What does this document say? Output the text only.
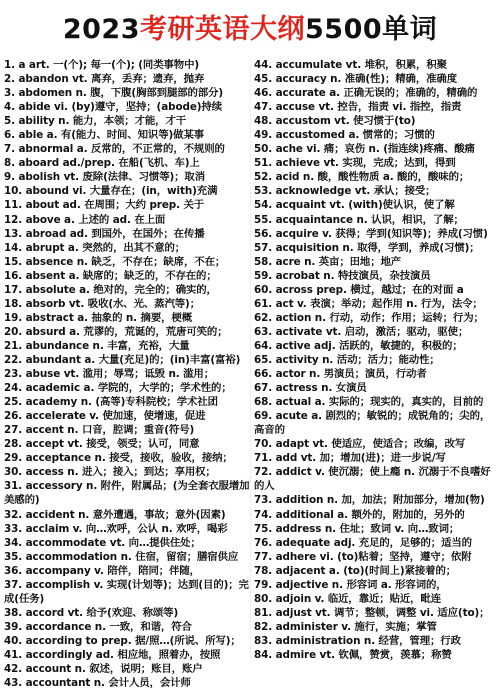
2023考研英语大纲5500单词
1. a art. 一(个); 每一(个); (同类事物中)
2. abandon vt. 离弃，丢弃；遗弃，抛弃
3. abdomen n. 腹，下腹(胸部到腿部的部分)
4. abide vi. (by)遵守，坚持；(abode)持续
5. ability n. 能力，本领；才能，才干
6. able a. 有(能力、时间、知识等)做某事
7. abnormal a. 反常的，不正常的，不规则的
8. aboard ad./prep. 在船(飞机、车)上
9. abolish vt. 废除(法律、习惯等)；取消
10. abound vi. 大量存在；(in，with)充满
11. about ad. 在周围；大约 prep. 关于
12. above a. 上述的 ad. 在上面
13. abroad ad. 到国外，在国外；在传播
14. abrupt a. 突然的，出其不意的；
15. absence n. 缺乏，不存在；缺席，不在；
16. absent a. 缺席的；缺乏的，不存在的；
17. absolute a. 绝对的，完全的；确实的，
18. absorb vt. 吸收(水、光、蒸汽等)；
19. abstract a. 抽象的 n. 摘要，梗概
20. absurd a. 荒谬的，荒诞的，荒唐可笑的；
21. abundance n. 丰富，充裕，大量
22. abundant a. 大量(充足)的；(in)丰富(富裕)
23. abuse vt. 滥用；辱骂；诋毁 n. 滥用；
24. academic a. 学院的，大学的；学术性的；
25. academy n. (高等)专科院校；学术社团
26. accelerate v. 使加速，使增速，促进
27. accent n. 口音，腔调；重音(符号)
28. accept vt. 接受，领受；认可，同意
29. acceptance n. 接受，接收，验收，接纳；
30. access n. 进入；接入；到达；享用权；
31. accessory n. 附件，附属品；(为全套衣服增加美感的)
32. accident n. 意外遭遇，事故；意外(因素)
33. acclaim v. 向…欢呼，公认 n. 欢呼，喝彩
34. accommodate vt. 向…提供住处；
35. accommodation n. 住宿，留宿；膳宿供应
36. accompany v. 陪伴，陪同；伴随，
37. accomplish v. 实现(计划等)；达到(目的)；完成(任务)
38. accord vt. 给予(欢迎、称颂等)
39. accordance n. 一致，和谐，符合
40. according to prep. 据/照…(所说、所写)；
41. accordingly ad. 相应地，照着办，按照
42. account n. 叙述，说明；账目，账户
43. accountant n. 会计人员，会计师
44. accumulate vt. 堆积，积累，积聚
45. accuracy n. 准确(性)；精确，准确度
46. accurate a. 正确无误的；准确的，精确的
47. accuse vt. 控告，指责 vi. 指控，指责
48. accustom vt. 使习惯于(to)
49. accustomed a. 惯常的；习惯的
50. ache vi. 痛；哀伤 n. (指连续)疼痛、酸痛
51. achieve vt. 实现，完成；达到，得到
52. acid n. 酸，酸性物质 a. 酸的，酸味的；
53. acknowledge vt. 承认；接受；
54. acquaint vt. (with)使认识，使了解
55. acquaintance n. 认识，相识，了解；
56. acquire v. 获得；学到(知识等)；养成(习惯)
57. acquisition n. 取得，学到，养成(习惯)；
58. acre n. 英亩；田地；地产
59. acrobat n. 特技演员，杂技演员
60. across prep. 横过，越过；在的对面 a
61. act v. 表演；举动；起作用 n. 行为，法令；
62. action n. 行动，动作；作用；运转；行为；
63. activate vt. 启动，激活；驱动，驱使；
64. active adj. 活跃的，敏捷的，积极的；
65. activity n. 活动；活力；能动性；
66. actor n. 男演员；演员，行动者
67. actress n. 女演员
68. actual a. 实际的；现实的，真实的，目前的
69. acute a. 剧烈的；敏锐的；成锐角的；尖的，高音的
70. adapt vt. 使适应，使适合；改编，改写
71. add vt. 加；增加(进)；进一步说/写
72. addict v. 使沉溺；使上瘾 n. 沉溺于不良嗜好的人
73. addition n. 加，加法；附加部分，增加(物)
74. additional a. 额外的，附加的，另外的
75. address n. 住址；致词 v. 向…致词；
76. adequate adj. 充足的，足够的；适当的
77. adhere vi. (to)粘着；坚持，遵守；依附
78. adjacent a. (to)(时间上)紧接着的；
79. adjective n. 形容词 a. 形容词的，
80. adjoin v. 临近，靠近；贴近，毗连
81. adjust vt. 调节；整顿，调整 vi. 适应(to)；
82. administer v. 施行，实施；掌管
83. administration n. 经营，管理；行政
84. admire vt. 钦佩，赞赏，羡慕；称赞
